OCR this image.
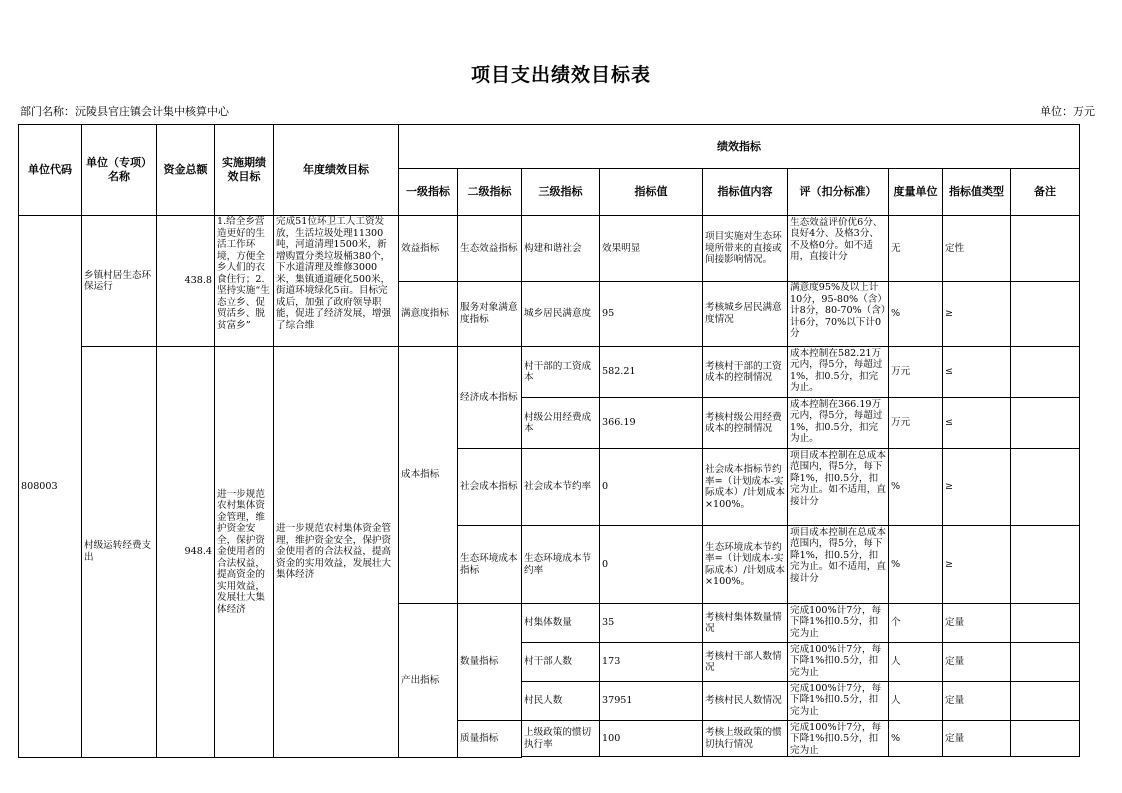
项目支出绩效目标表
部门名称：沅陵县官庄镇会计集中核算中心	单位：万元
单位代码	单位（专项）名称	资金总额	实施期绩效目标	年度绩效目标	绩效指标								
					一级指标	二级指标	三级指标	指标值	指标值内容	评（扣分标准）	度量单位	指标值类型	备注
808003	乡镇村居生态环保运行	438.8	1.给全乡营造更好的生活工作环境，方便全乡人们的衣食住行；2.坚持实施“生态立乡、促贸活乡、脱贫富乡”	完成51位环卫工人工资发放，生活垃圾处理11300吨，河道清理1500米，新增购置分类垃圾桶380个，下水道清理及维修3000米，集镇通道硬化500米，街道环境绿化5亩。目标完成后，加强了政府领导职能，促进了经济发展，增强了综合维	效益指标	生态效益指标	构建和谐社会	效果明显	项目实施对生态环境所带来的直接或间接影响情况。	生态效益评价优6分、良好4分、及格3分、不及格0分。如不适用，直接计分	无	定性	
					满意度指标	服务对象满意度指标	城乡居民满意度	95	考核城乡居民满意度情况	满意度95%及以上计10分，95-80%（含）计8分，80-70%（含）计6分，70%以下计0分	%	≥	
	村级运转经费支出	948.4	进一步规范农村集体资金管理，维护资金安全，保护资金使用者的合法权益，提高资金的实用效益，发展壮大集体经济	进一步规范农村集体资金管理，维护资金安全，保护资金使用者的合法权益，提高资金的实用效益，发展壮大集体经济	成本指标	经济成本指标	村干部的工资成本	582.21	考核村干部的工资成本的控制情况	成本控制在582.21万元内，得5分，每超过1%，扣0.5分，扣完为止。	万元	≤	
							村级公用经费成本	366.19	考核村级公用经费成本的控制情况	成本控制在366.19万元内，得5分，每超过1%，扣0.5分，扣完为止。	万元	≤	
						社会成本指标	社会成本节约率	0	社会成本指标节约率=（计划成本-实际成本）/计划成本×100%。	项目成本控制在总成本范围内，得5分，每下降1%，扣0.5分，扣完为止。如不适用，直接计分	%	≥	
						生态环境成本指标	生态环境成本节约率	0	生态环境成本节约率=（计划成本-实际成本）/计划成本×100%。	项目成本控制在总成本范围内，得5分，每下降1%，扣0.5分，扣完为止。如不适用，直接计分	%	≥	
					产出指标	数量指标	村集体数量	35	考核村集体数量情况	完成100%计7分，每下降1%扣0.5分，扣完为止	个	定量	
							村干部人数	173	考核村干部人数情况	完成100%计7分，每下降1%扣0.5分，扣完为止	人	定量	
							村民人数	37951	考核村民人数情况	完成100%计7分，每下降1%扣0.5分，扣完为止	人	定量	
						质量指标	上级政策的惯切执行率	100	考核上级政策的惯切执行情况	完成100%计7分，每下降1%扣0.5分，扣完为止	%	定量	
